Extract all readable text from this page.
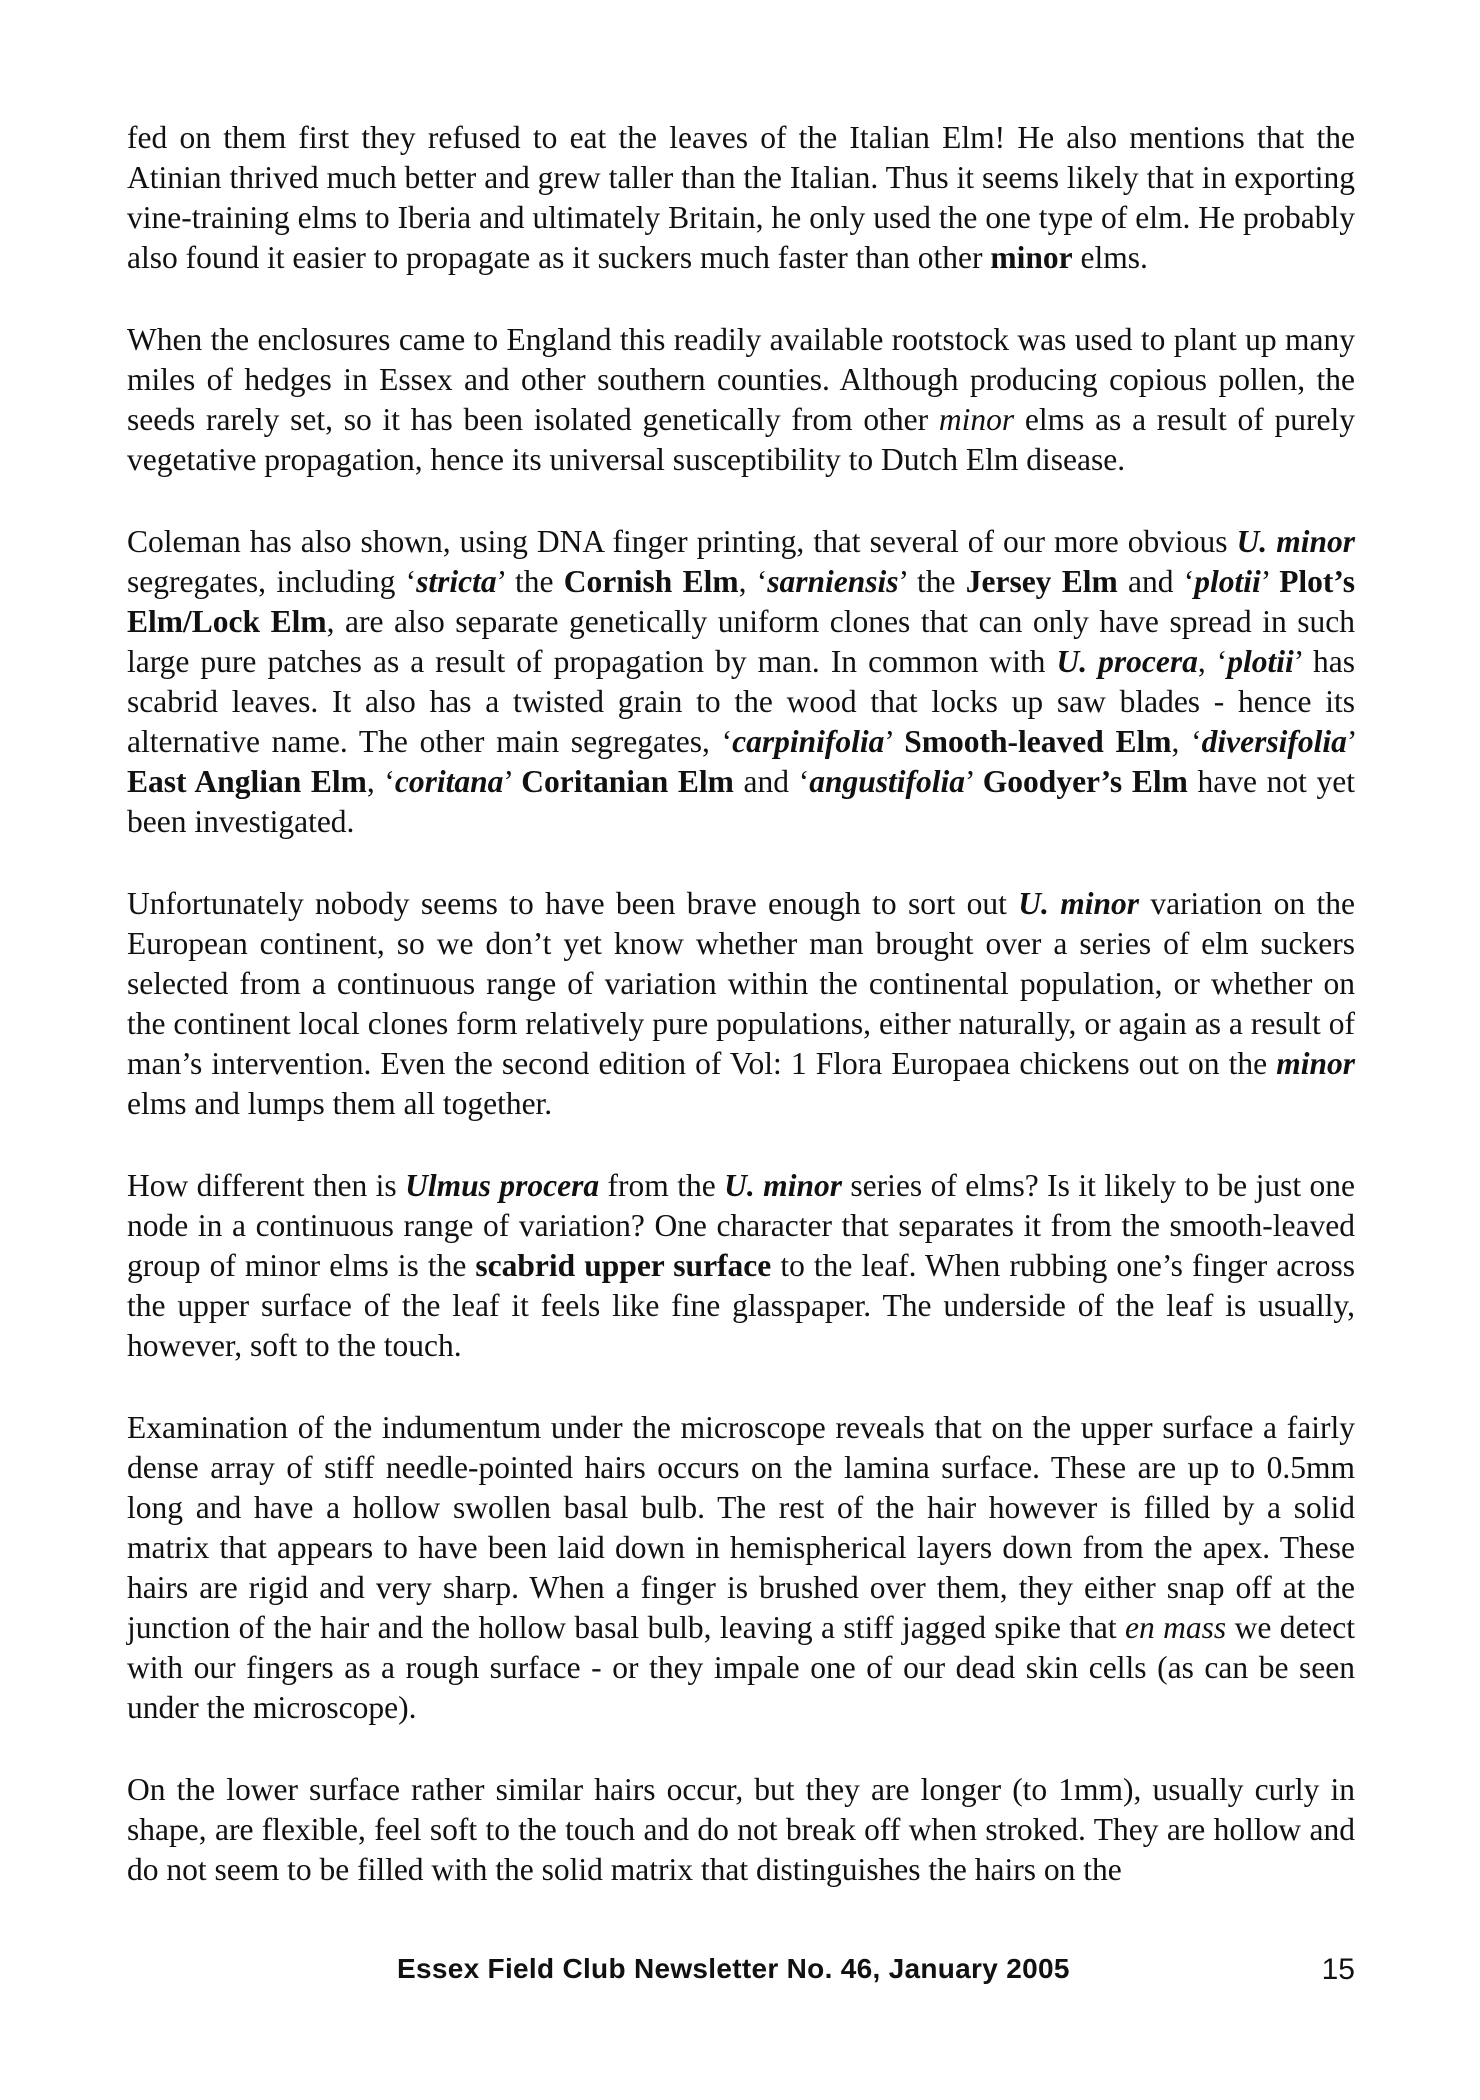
fed on them first they refused to eat the leaves of the Italian Elm! He also mentions that the Atinian thrived much better and grew taller than the Italian. Thus it seems likely that in exporting vine-training elms to Iberia and ultimately Britain, he only used the one type of elm. He probably also found it easier to propagate as it suckers much faster than other minor elms.

When the enclosures came to England this readily available rootstock was used to plant up many miles of hedges in Essex and other southern counties. Although producing copious pollen, the seeds rarely set, so it has been isolated genetically from other minor elms as a result of purely vegetative propagation, hence its universal susceptibility to Dutch Elm disease.

Coleman has also shown, using DNA finger printing, that several of our more obvious U. minor segregates, including ‘stricta’ the Cornish Elm, ‘sarniensis’ the Jersey Elm and ‘plotii’ Plot’s Elm/Lock Elm, are also separate genetically uniform clones that can only have spread in such large pure patches as a result of propagation by man. In common with U. procera, ‘plotii’ has scabrid leaves. It also has a twisted grain to the wood that locks up saw blades - hence its alternative name. The other main segregates, ‘carpinifolia’ Smooth-leaved Elm, ‘diversifolia’ East Anglian Elm, ‘coritana’ Coritanian Elm and ‘angustifolia’ Goodyer’s Elm have not yet been investigated.

Unfortunately nobody seems to have been brave enough to sort out U. minor variation on the European continent, so we don’t yet know whether man brought over a series of elm suckers selected from a continuous range of variation within the continental population, or whether on the continent local clones form relatively pure populations, either naturally, or again as a result of man’s intervention. Even the second edition of Vol: 1 Flora Europaea chickens out on the minor elms and lumps them all together.

How different then is Ulmus procera from the U. minor series of elms? Is it likely to be just one node in a continuous range of variation? One character that separates it from the smooth-leaved group of minor elms is the scabrid upper surface to the leaf. When rubbing one’s finger across the upper surface of the leaf it feels like fine glasspaper. The underside of the leaf is usually, however, soft to the touch.

Examination of the indumentum under the microscope reveals that on the upper surface a fairly dense array of stiff needle-pointed hairs occurs on the lamina surface. These are up to 0.5mm long and have a hollow swollen basal bulb. The rest of the hair however is filled by a solid matrix that appears to have been laid down in hemispherical layers down from the apex. These hairs are rigid and very sharp. When a finger is brushed over them, they either snap off at the junction of the hair and the hollow basal bulb, leaving a stiff jagged spike that en mass we detect with our fingers as a rough surface - or they impale one of our dead skin cells (as can be seen under the microscope).

On the lower surface rather similar hairs occur, but they are longer (to 1mm), usually curly in shape, are flexible, feel soft to the touch and do not break off when stroked. They are hollow and do not seem to be filled with the solid matrix that distinguishes the hairs on the

Essex Field Club Newsletter No. 46, January 2005	15
